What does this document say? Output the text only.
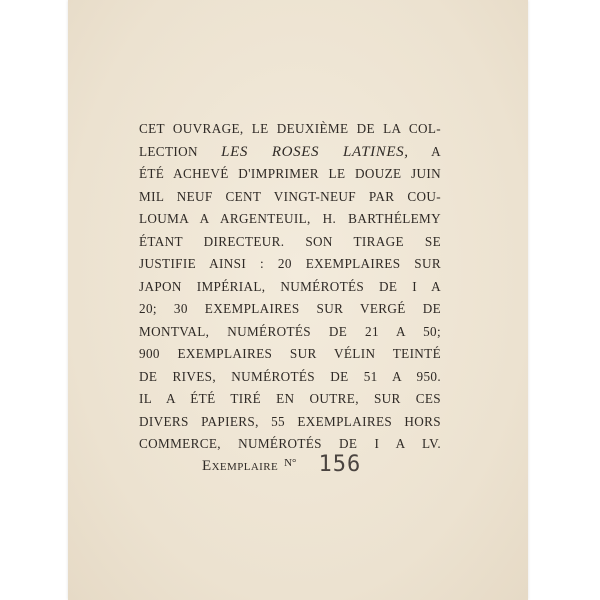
CET OUVRAGE, LE DEUXIÈME DE LA COL-
LECTION LES ROSES LATINES, A
ÉTÉ ACHEVÉ D'IMPRIMER LE DOUZE JUIN
MIL NEUF CENT VINGT-NEUF PAR COU-
LOUMA A ARGENTEUIL, H. BARTHÉLEMY
ÉTANT DIRECTEUR. SON TIRAGE SE
JUSTIFIE AINSI : 20 EXEMPLAIRES SUR
JAPON IMPÉRIAL, NUMÉROTÉS DE I A
20; 30 EXEMPLAIRES SUR VERGÉ DE
MONTVAL, NUMÉROTÉS DE 21 A 50;
900 EXEMPLAIRES SUR VÉLIN TEINTÉ
DE RIVES, NUMÉROTÉS DE 51 A 950.
IL A ÉTÉ TIRÉ EN OUTRE, SUR CES
DIVERS PAPIERS, 55 EXEMPLAIRES HORS
COMMERCE, NUMÉROTÉS DE I A LV.
Exemplaire $^{N^\circ}$ 156
